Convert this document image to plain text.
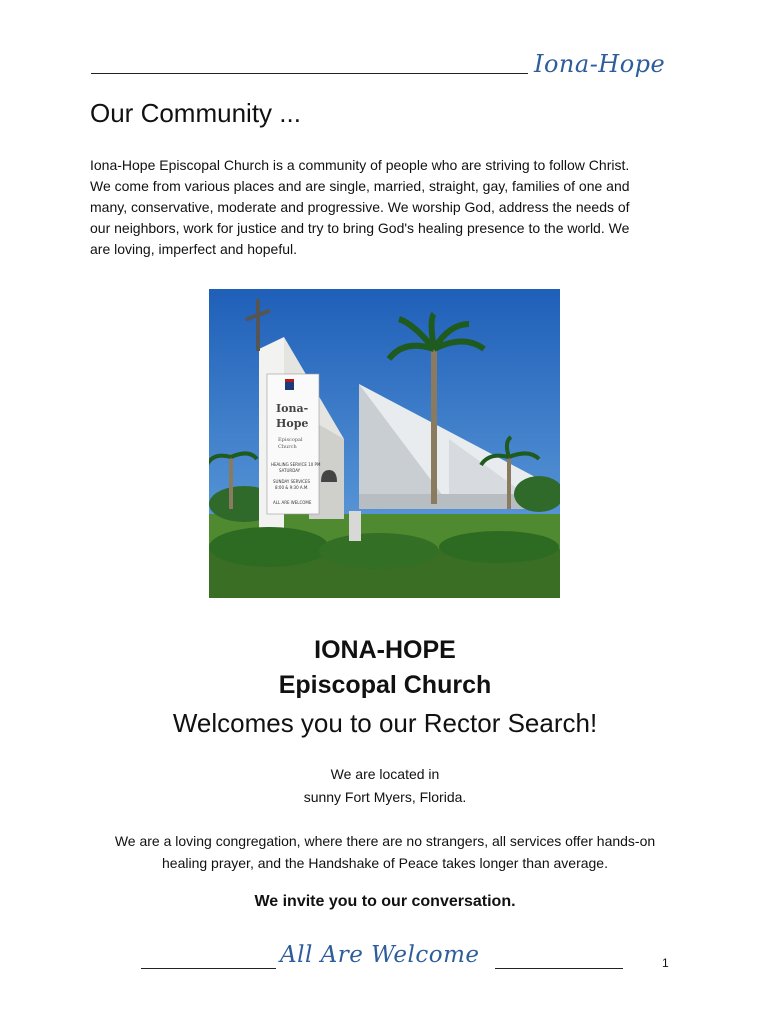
Iona-Hope
Our Community ...
Iona-Hope Episcopal Church is a community of people who are striving to follow Christ.
We come from various places and are single, married, straight, gay, families of one and
many, conservative, moderate and progressive. We worship God, address the needs of
our neighbors, work for justice and try to bring God's healing presence to the world. We
are loving, imperfect and hopeful.
Iona-
Hope
Episcopal
Church
HEALING SERVICE 10 PM
SATURDAY
SUNDAY SERVICES
8:00 & 9:30 A.M.
ALL ARE WELCOME
IONA-HOPE
Episcopal Church
Welcomes you to our Rector Search!
We are located in
sunny Fort Myers, Florida.
We are a loving congregation, where there are no strangers, all services offer hands-on
healing prayer, and the Handshake of Peace takes longer than average.
We invite you to our conversation.
All Are Welcome	1
